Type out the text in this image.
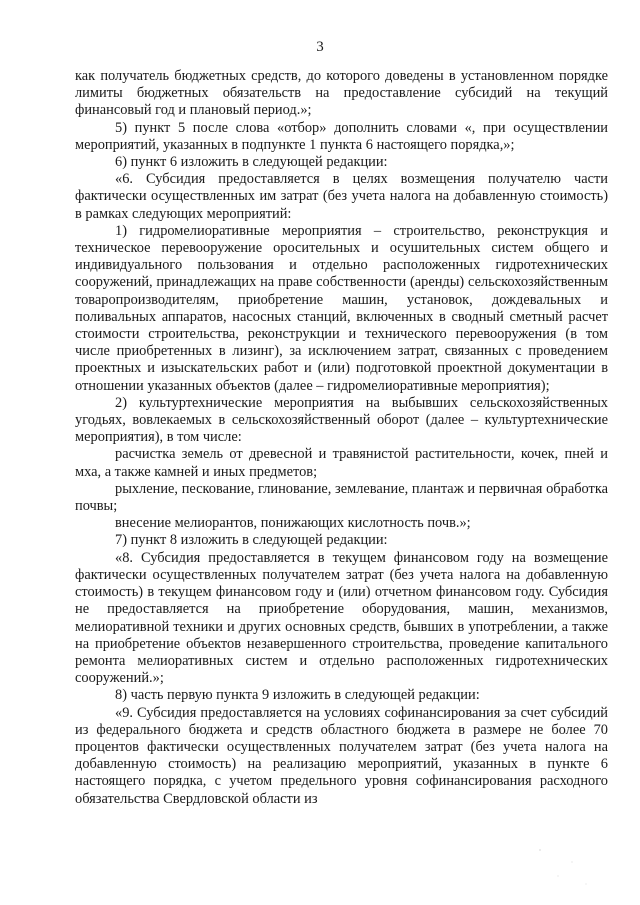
3

как получатель бюджетных средств, до которого доведены в установленном порядке лимиты бюджетных обязательств на предоставление субсидий на текущий финансовый год и плановый период.»;

5) пункт 5 после слова «отбор» дополнить словами «, при осуществлении мероприятий, указанных в подпункте 1 пункта 6 настоящего порядка,»;

6) пункт 6 изложить в следующей редакции:

«6. Субсидия предоставляется в целях возмещения получателю части фактически осуществленных им затрат (без учета налога на добавленную стоимость) в рамках следующих мероприятий:

1) гидромелиоративные мероприятия – строительство, реконструкция и техническое перевооружение оросительных и осушительных систем общего и индивидуального пользования и отдельно расположенных гидротехнических сооружений, принадлежащих на праве собственности (аренды) сельскохозяйственным товаропроизводителям, приобретение машин, установок, дождевальных и поливальных аппаратов, насосных станций, включенных в сводный сметный расчет стоимости строительства, реконструкции и технического перевооружения (в том числе приобретенных в лизинг), за исключением затрат, связанных с проведением проектных и изыскательских работ и (или) подготовкой проектной документации в отношении указанных объектов (далее – гидромелиоративные мероприятия);

2) культуртехнические мероприятия на выбывших сельскохозяйственных угодьях, вовлекаемых в сельскохозяйственный оборот (далее – культуртехнические мероприятия), в том числе:

расчистка земель от древесной и травянистой растительности, кочек, пней и мха, а также камней и иных предметов;

рыхление, пескование, глинование, землевание, плантаж и первичная обработка почвы;

внесение мелиорантов, понижающих кислотность почв.»;

7) пункт 8 изложить в следующей редакции:

«8. Субсидия предоставляется в текущем финансовом году на возмещение фактически осуществленных получателем затрат (без учета налога на добавленную стоимость) в текущем финансовом году и (или) отчетном финансовом году. Субсидия не предоставляется на приобретение оборудования, машин, механизмов, мелиоративной техники и других основных средств, бывших в употреблении, а также на приобретение объектов незавершенного строительства, проведение капитального ремонта мелиоративных систем и отдельно расположенных гидротехнических сооружений.»;

8) часть первую пункта 9 изложить в следующей редакции:

«9. Субсидия предоставляется на условиях софинансирования за счет субсидий из федерального бюджета и средств областного бюджета в размере не более 70 процентов фактически осуществленных получателем затрат (без учета налога на добавленную стоимость) на реализацию мероприятий, указанных в пункте 6 настоящего порядка, с учетом предельного уровня софинансирования расходного обязательства Свердловской области из
